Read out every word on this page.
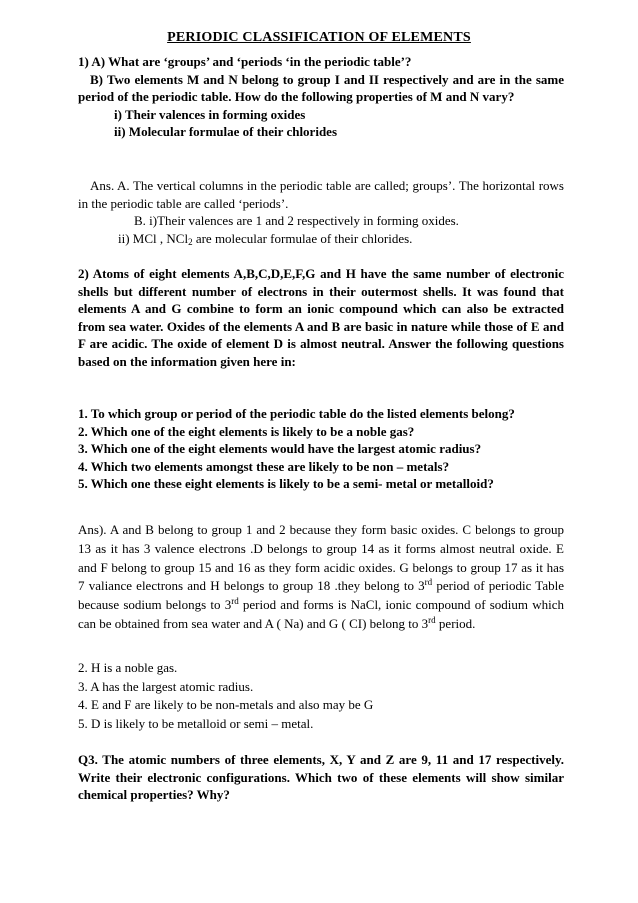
PERIODIC CLASSIFICATION OF ELEMENTS
1) A) What are ‘groups’ and ‘periods ‘in the periodic table’?
B) Two elements M and N belong to group I and II respectively and are in the same period of the periodic table. How do the following properties of M and N vary?
i) Their valences in forming oxides
ii) Molecular formulae of their chlorides
Ans. A. The vertical columns in the periodic table are called; groups’. The horizontal rows in the periodic table are called ‘periods’.
B. i)Their valences are 1 and 2 respectively in forming oxides.
ii) MCl , NCl$_2$ are molecular formulae of their chlorides.
2) Atoms of eight elements A,B,C,D,E,F,G and H have the same number of electronic shells but different number of electrons in their outermost shells. It was found that elements A and G combine to form an ionic compound which can also be extracted from sea water. Oxides of the elements A and B are basic in nature while those of E and F are acidic. The oxide of element D is almost neutral. Answer the following questions based on the information given here in:
1. To which group or period of the periodic table do the listed elements belong?
2. Which one of the eight elements is likely to be a noble gas?
3. Which one of the eight elements would have the largest atomic radius?
4. Which two elements amongst these are likely to be non – metals?
5. Which one these eight elements is likely to be a semi- metal or metalloid?
Ans). A and B belong to group 1 and 2 because they form basic oxides. C belongs to group 13 as it has 3 valence electrons .D belongs to group 14 as it forms almost neutral oxide. E and F belong to group 15 and 16 as they form acidic oxides. G belongs to group 17 as it has 7 valiance electrons and H belongs to group 18 .they belong to 3rd period of periodic Table because sodium belongs to 3rd period and forms is NaCl, ionic compound of sodium which can be obtained from sea water and A ( Na) and G ( CI) belong to 3rd period.
2. H is a noble gas.
3. A has the largest atomic radius.
4. E and F are likely to be non-metals and also may be G
5. D is likely to be metalloid or semi – metal.
Q3. The atomic numbers of three elements, X, Y and Z are 9, 11 and 17 respectively. Write their electronic configurations. Which two of these elements will show similar chemical properties? Why?
